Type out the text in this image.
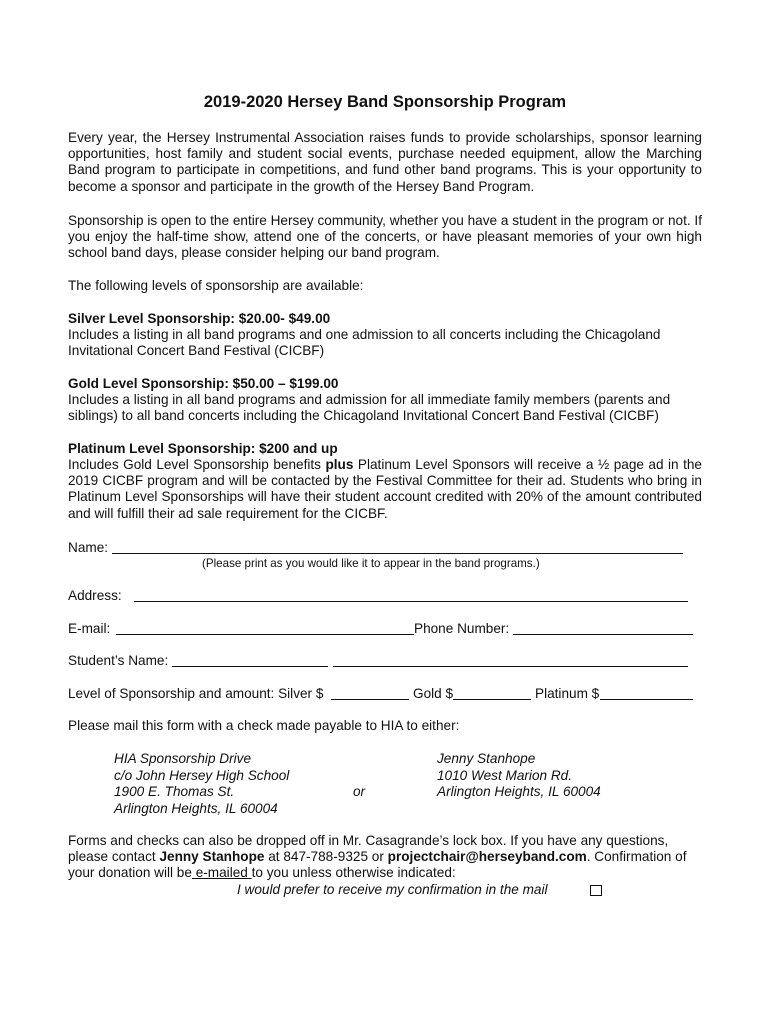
2019-2020 Hersey Band Sponsorship Program

Every year, the Hersey Instrumental Association raises funds to provide scholarships, sponsor learning opportunities, host family and student social events, purchase needed equipment, allow the Marching Band program to participate in competitions, and fund other band programs. This is your opportunity to become a sponsor and participate in the growth of the Hersey Band Program.

Sponsorship is open to the entire Hersey community, whether you have a student in the program or not. If you enjoy the half-time show, attend one of the concerts, or have pleasant memories of your own high school band days, please consider helping our band program.

The following levels of sponsorship are available:

Silver Level Sponsorship: $20.00- $49.00

Includes a listing in all band programs and one admission to all concerts including the Chicagoland Invitational Concert Band Festival (CICBF)

Gold Level Sponsorship: $50.00 – $199.00

Includes a listing in all band programs and admission for all immediate family members (parents and siblings) to all band concerts including the Chicagoland Invitational Concert Band Festival (CICBF)

Platinum Level Sponsorship: $200 and up

Includes Gold Level Sponsorship benefits plus Platinum Level Sponsors will receive a ½ page ad in the 2019 CICBF program and will be contacted by the Festival Committee for their ad. Students who bring in Platinum Level Sponsorships will have their student account credited with 20% of the amount contributed and will fulfill their ad sale requirement for the CICBF.

Name:
(Please print as you would like it to appear in the band programs.)
Address:
E-mail:	Phone Number:
Student’s Name:
Level of Sponsorship and amount: Silver $	Gold $	Platinum $
Please mail this form with a check made payable to HIA to either:
HIA Sponsorship Drive
c/o John Hersey High School
1900 E. Thomas St.
Arlington Heights, IL 60004
or
Jenny Stanhope
1010 West Marion Rd.
Arlington Heights, IL 60004

Forms and checks can also be dropped off in Mr. Casagrande’s lock box. If you have any questions, please contact Jenny Stanhope at 847-788-9325 or projectchair@herseyband.com. Confirmation of your donation will be e-mailed to you unless otherwise indicated:

I would prefer to receive my confirmation in the mail
